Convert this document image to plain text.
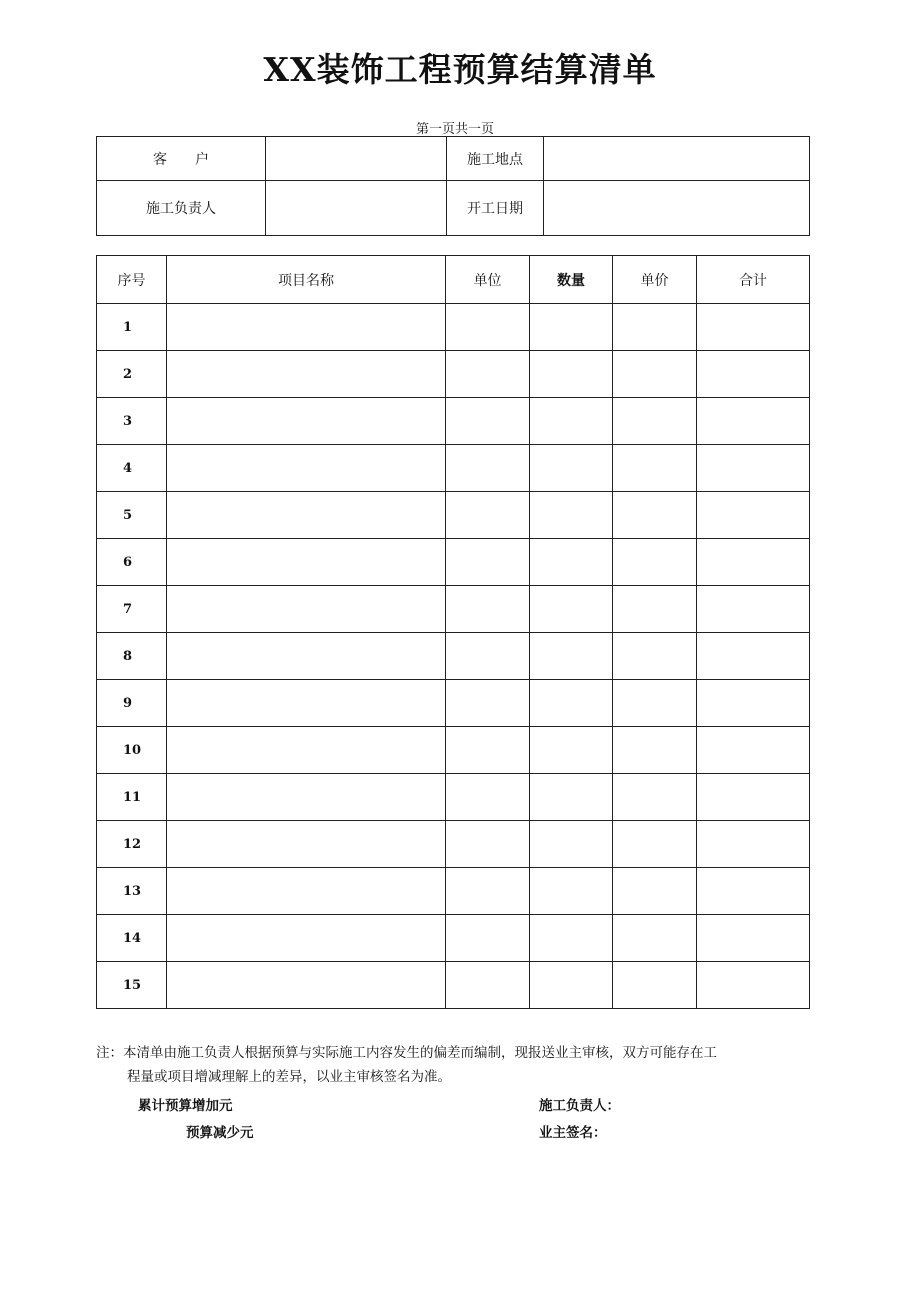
XX装饰工程预算结算清单
第一页共一页
客　　户		施工地点	
施工负责人		开工日期	
序号	项目名称	单位	数量	单价	合计
1					
2					
3					
4					
5					
6					
7					
8					
9					
10					
11					
12					
13					
14					
15					
注：本清单由施工负责人根据预算与实际施工内容发生的偏差而编制，现报送业主审核，双方可能存在工
程量或项目增减理解上的差异，以业主审核签名为准。
累计预算增加元	施工负责人：
预算减少元	业主签名：
